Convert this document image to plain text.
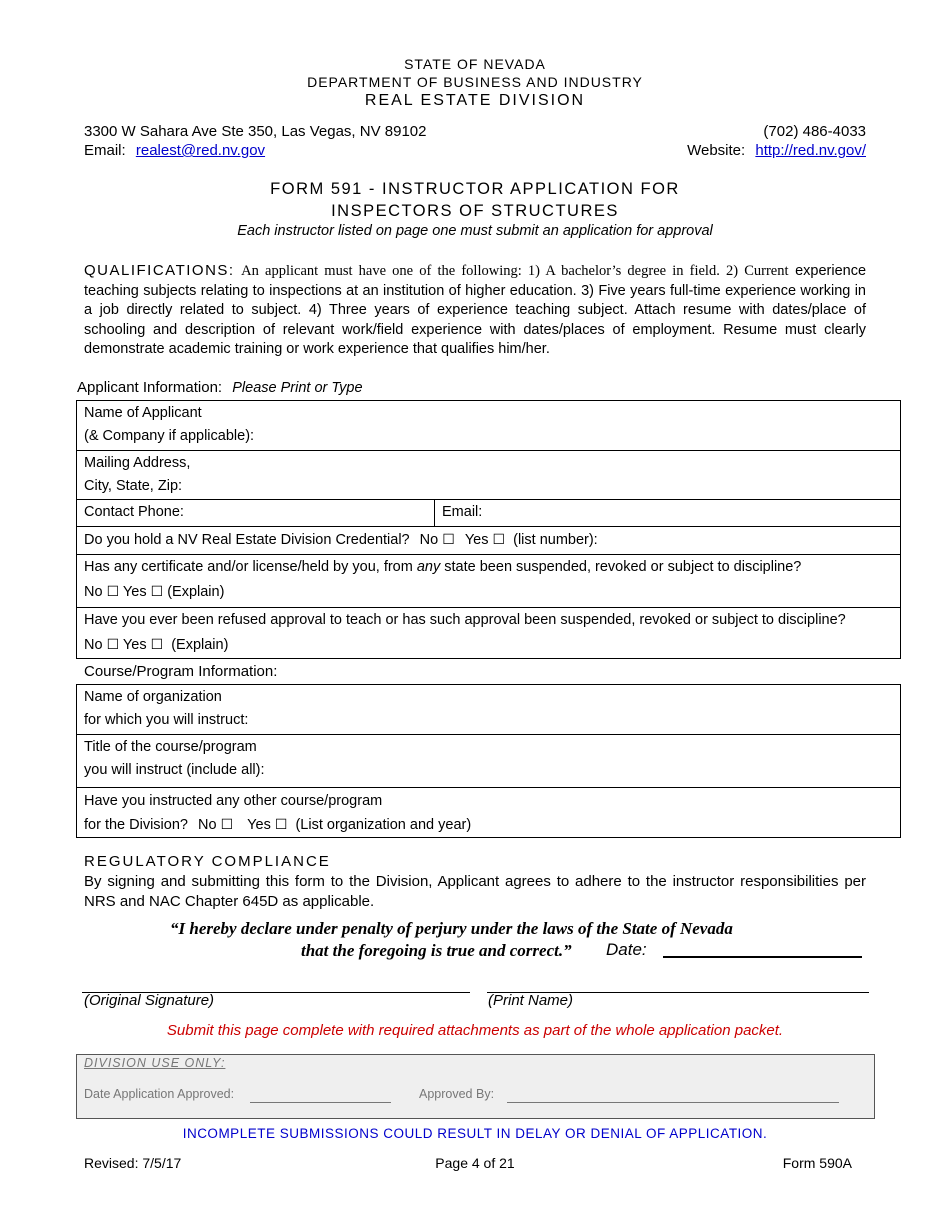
STATE OF NEVADA
DEPARTMENT OF BUSINESS AND INDUSTRY
REAL ESTATE DIVISION
3300 W Sahara Ave Ste 350, Las Vegas, NV 89102	(702) 486-4033
Email: realest@red.nv.gov	Website: http://red.nv.gov/
FORM 591 - INSTRUCTOR APPLICATION FOR
INSPECTORS OF STRUCTURES
Each instructor listed on page one must submit an application for approval
QUALIFICATIONS: An applicant must have one of the following: 1) A bachelor’s degree in field. 2) Current experience teaching subjects relating to inspections at an institution of higher education. 3) Five years full-time experience working in a job directly related to subject. 4) Three years of experience teaching subject. Attach resume with dates/place of schooling and description of relevant work/field experience with dates/places of employment. Resume must clearly demonstrate academic training or work experience that qualifies him/her.
Applicant Information: Please Print or Type
Name of Applicant
(& Company if applicable):
Mailing Address,
City, State, Zip:
Contact Phone:	Email:
Do you hold a NV Real Estate Division Credential? No ☐ Yes ☐ (list number):
Has any certificate and/or license/held by you, from any state been suspended, revoked or subject to discipline?
No ☐ Yes ☐ (Explain)
Have you ever been refused approval to teach or has such approval been suspended, revoked or subject to discipline?
No ☐ Yes ☐ (Explain)
Course/Program Information:
Name of organization
for which you will instruct:
Title of the course/program
you will instruct (include all):
Have you instructed any other course/program
for the Division? No ☐ Yes ☐ (List organization and year)
REGULATORY COMPLIANCE
By signing and submitting this form to the Division, Applicant agrees to adhere to the instructor responsibilities per NRS and NAC Chapter 645D as applicable.
“I hereby declare under penalty of perjury under the laws of the State of Nevada
that the foregoing is true and correct.” Date:
(Original Signature)	(Print Name)
Submit this page complete with required attachments as part of the whole application packet.
DIVISION USE ONLY:
Date Application Approved:	Approved By:
INCOMPLETE SUBMISSIONS COULD RESULT IN DELAY OR DENIAL OF APPLICATION.
Revised: 7/5/17	Page 4 of 21	Form 590A
